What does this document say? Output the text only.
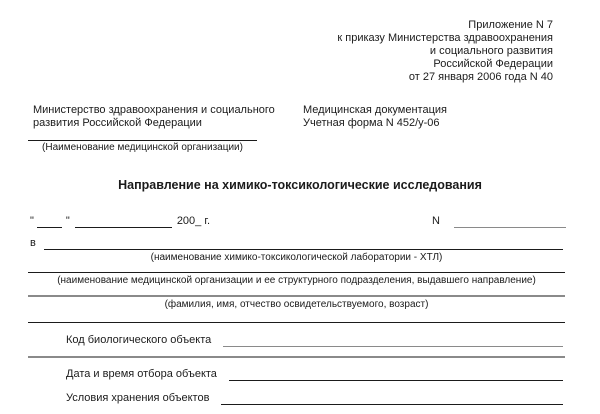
Приложение N 7
к приказу Министерства здравоохранения
и социального развития
Российской Федерации
от 27 января 2006 года N 40
Министерство здравоохранения и социального развития Российской Федерации
Медицинская документация
Учетная форма N 452/у-06
(Наименование медицинской организации)
Направление на химико-токсикологические исследования
"	"	200_ г.	N
в
(наименование химико-токсикологической лаборатории - ХТЛ)
(наименование медицинской организации и ее структурного подразделения, выдавшего направление)
(фамилия, имя, отчество освидетельствуемого, возраст)
Код биологического объекта
Дата и время отбора объекта
Условия хранения объектов
